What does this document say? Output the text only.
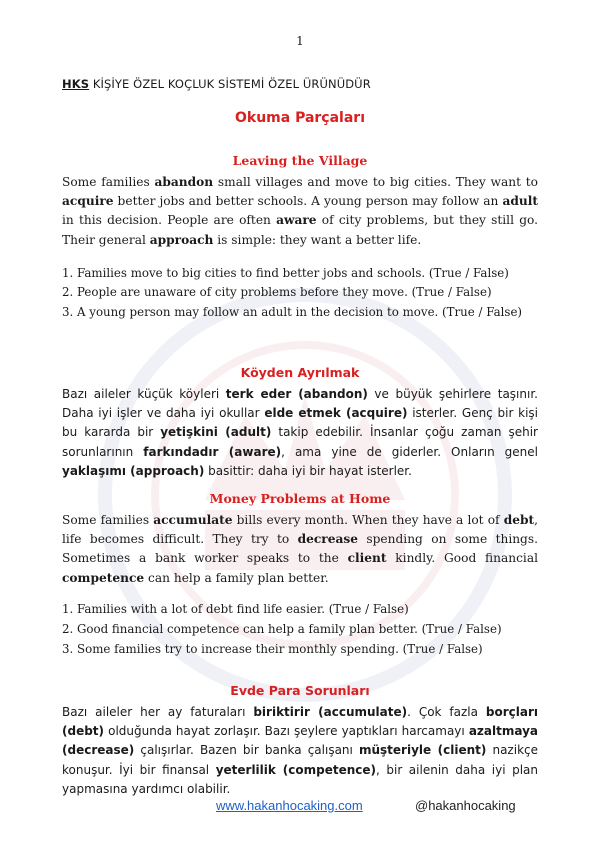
1
HKS KİŞİYE ÖZEL KOÇLUK SİSTEMİ ÖZEL ÜRÜNÜDÜR
Okuma Parçaları
Leaving the Village
Some families abandon small villages and move to big cities. They want to acquire better jobs and better schools. A young person may follow an adult in this decision. People are often aware of city problems, but they still go. Their general approach is simple: they want a better life.
1. Families move to big cities to find better jobs and schools. (True / False)
2. People are unaware of city problems before they move. (True / False)
3. A young person may follow an adult in the decision to move. (True / False)
Köyden Ayrılmak
Bazı aileler küçük köyleri terk eder (abandon) ve büyük şehirlere taşınır. Daha iyi işler ve daha iyi okullar elde etmek (acquire) isterler. Genç bir kişi bu kararda bir yetişkini (adult) takip edebilir. İnsanlar çoğu zaman şehir sorunlarının farkındadır (aware), ama yine de giderler. Onların genel yaklaşımı (approach) basittir: daha iyi bir hayat isterler.
Money Problems at Home
Some families accumulate bills every month. When they have a lot of debt, life becomes difficult. They try to decrease spending on some things. Sometimes a bank worker speaks to the client kindly. Good financial competence can help a family plan better.
1. Families with a lot of debt find life easier. (True / False)
2. Good financial competence can help a family plan better. (True / False)
3. Some families try to increase their monthly spending. (True / False)
Evde Para Sorunları
Bazı aileler her ay faturaları biriktirir (accumulate). Çok fazla borçları (debt) olduğunda hayat zorlaşır. Bazı şeylere yaptıkları harcamayı azaltmaya (decrease) çalışırlar. Bazen bir banka çalışanı müşteriyle (client) nazikçe konuşur. İyi bir finansal yeterlilik (competence), bir ailenin daha iyi plan yapmasına yardımcı olabilir.
www.hakanhocaking.com	@hakanhocaking
